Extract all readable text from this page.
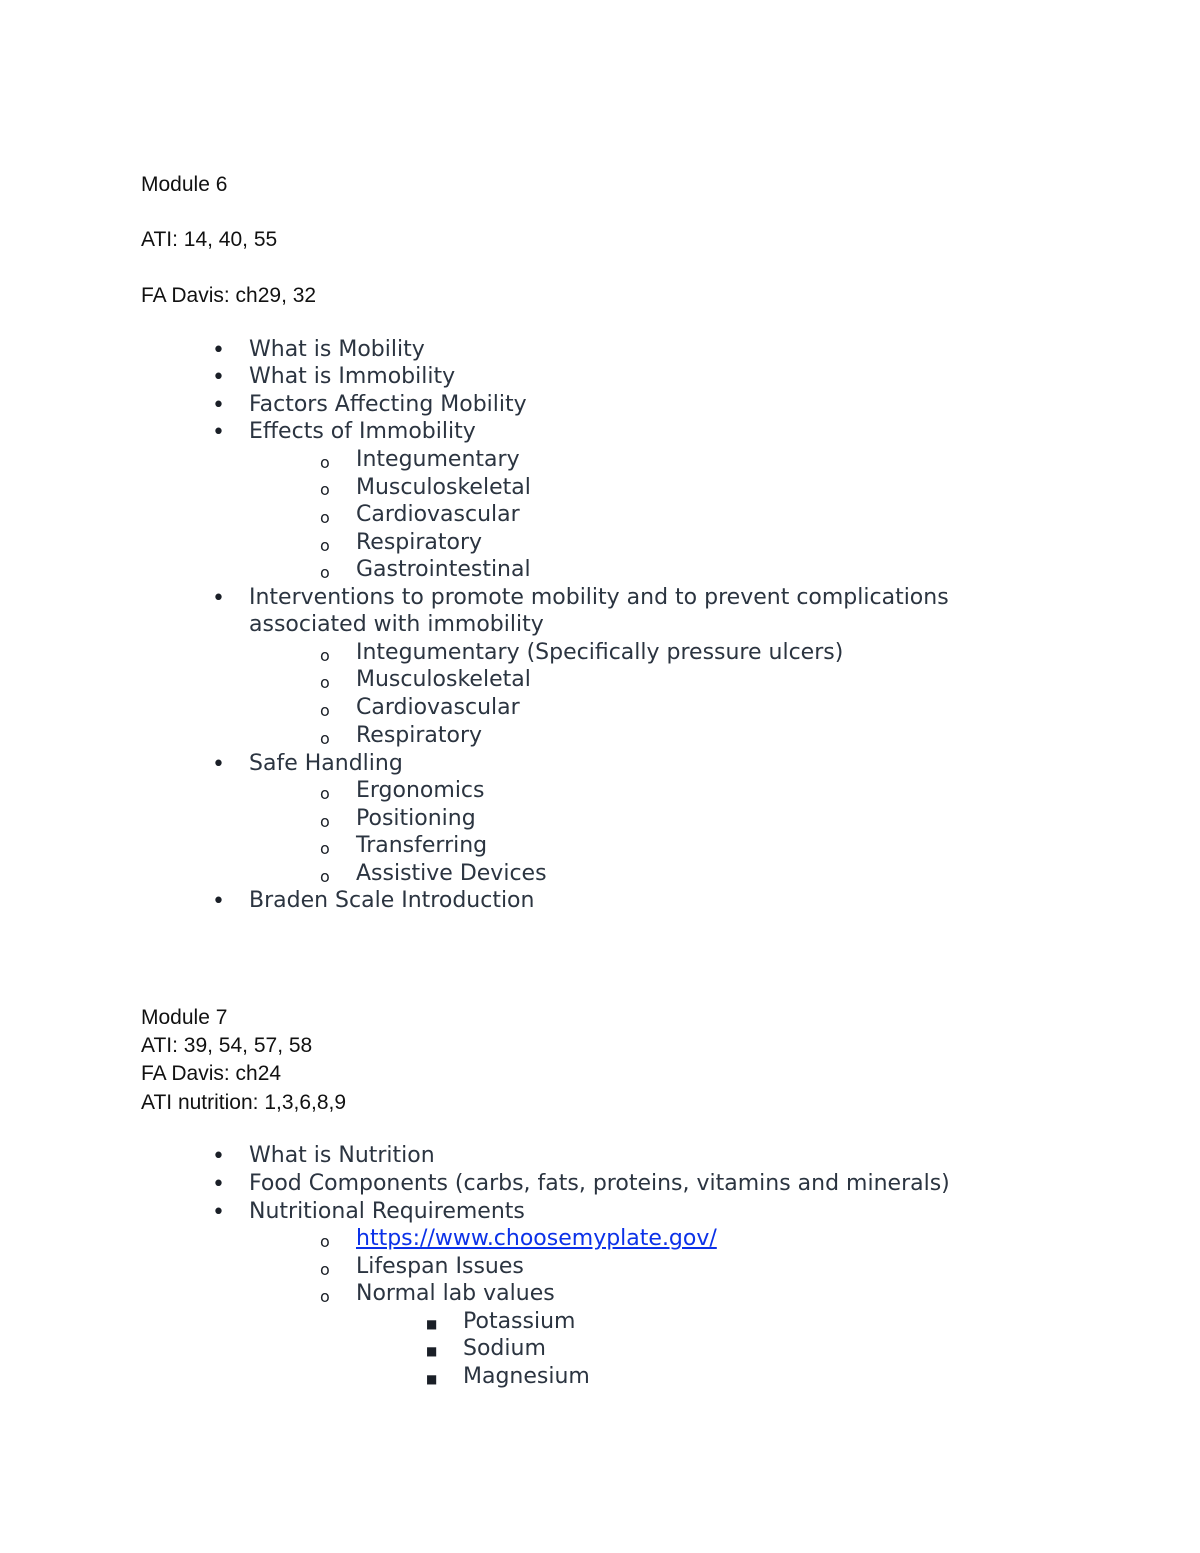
Module 6
ATI: 14, 40, 55
FA Davis: ch29, 32
• What is Mobility
• What is Immobility
• Factors Affecting Mobility
• Effects of Immobility
o Integumentary
o Musculoskeletal
o Cardiovascular
o Respiratory
o Gastrointestinal
• Interventions to promote mobility and to prevent complications
associated with immobility
o Integumentary (Specifically pressure ulcers)
o Musculoskeletal
o Cardiovascular
o Respiratory
• Safe Handling
o Ergonomics
o Positioning
o Transferring
o Assistive Devices
• Braden Scale Introduction
Module 7
ATI: 39, 54, 57, 58
FA Davis: ch24
ATI nutrition: 1,3,6,8,9
• What is Nutrition
• Food Components (carbs, fats, proteins, vitamins and minerals)
• Nutritional Requirements
o https://www.choosemyplate.gov/
o Lifespan Issues
o Normal lab values
■ Potassium
■ Sodium
■ Magnesium
